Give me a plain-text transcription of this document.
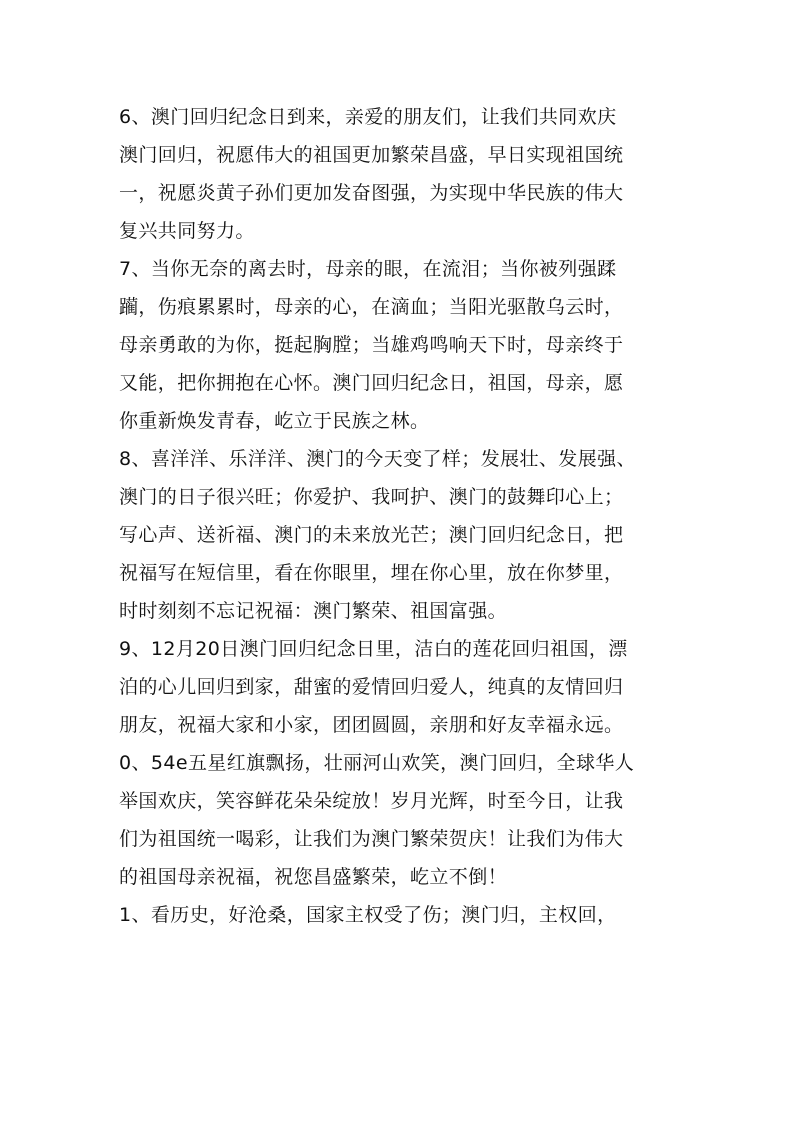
6、澳门回归纪念日到来，亲爱的朋友们，让我们共同欢庆
澳门回归，祝愿伟大的祖国更加繁荣昌盛，早日实现祖国统
一，祝愿炎黄子孙们更加发奋图强，为实现中华民族的伟大
复兴共同努力。
7、当你无奈的离去时，母亲的眼，在流泪；当你被列强蹂
躏，伤痕累累时，母亲的心，在滴血；当阳光驱散乌云时，
母亲勇敢的为你，挺起胸膛；当雄鸡鸣响天下时，母亲终于
又能，把你拥抱在心怀。澳门回归纪念日，祖国，母亲，愿
你重新焕发青春，屹立于民族之林。
8、喜洋洋、乐洋洋、澳门的今天变了样；发展壮、发展强、
澳门的日子很兴旺；你爱护、我呵护、澳门的鼓舞印心上；
写心声、送祈福、澳门的未来放光芒；澳门回归纪念日，把
祝福写在短信里，看在你眼里，埋在你心里，放在你梦里，
时时刻刻不忘记祝福：澳门繁荣、祖国富强。
9、12月20日澳门回归纪念日里，洁白的莲花回归祖国，漂
泊的心儿回归到家，甜蜜的爱情回归爱人，纯真的友情回归
朋友，祝福大家和小家，团团圆圆，亲朋和好友幸福永远。
0、54e五星红旗飘扬，壮丽河山欢笑，澳门回归，全球华人
举国欢庆，笑容鲜花朵朵绽放！岁月光辉，时至今日，让我
们为祖国统一喝彩，让我们为澳门繁荣贺庆！让我们为伟大
的祖国母亲祝福，祝您昌盛繁荣，屹立不倒！
1、看历史，好沧桑，国家主权受了伤；澳门归，主权回，
